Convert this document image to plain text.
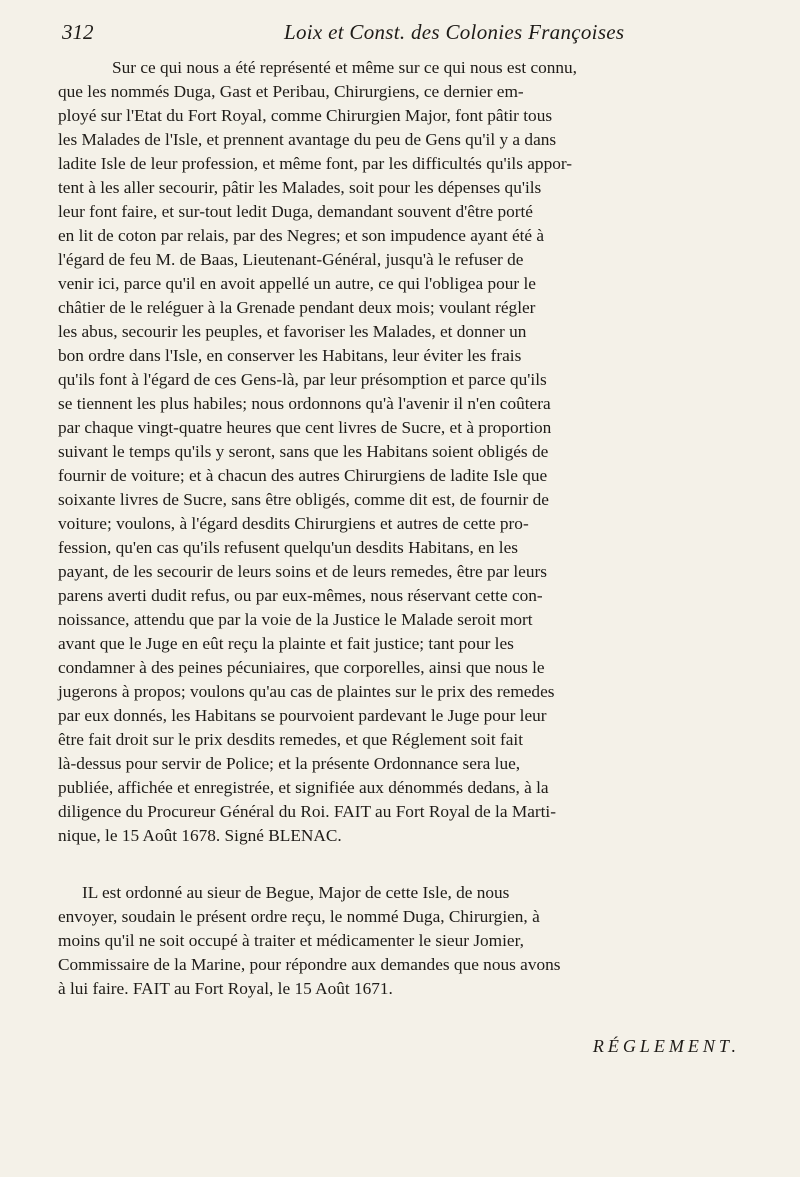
312	Loix et Const. des Colonies Françoises
Sur ce qui nous a été représenté et même sur ce qui nous est connu,
que les nommés Duga, Gast et Peribau, Chirurgiens, ce dernier em-
ployé sur l'Etat du Fort Royal, comme Chirurgien Major, font pâtir tous
les Malades de l'Isle, et prennent avantage du peu de Gens qu'il y a dans
ladite Isle de leur profession, et même font, par les difficultés qu'ils appor-
tent à les aller secourir, pâtir les Malades, soit pour les dépenses qu'ils
leur font faire, et sur-tout ledit Duga, demandant souvent d'être porté
en lit de coton par relais, par des Negres; et son impudence ayant été à
l'égard de feu M. de Baas, Lieutenant-Général, jusqu'à le refuser de
venir ici, parce qu'il en avoit appellé un autre, ce qui l'obligea pour le
châtier de le reléguer à la Grenade pendant deux mois; voulant régler
les abus, secourir les peuples, et favoriser les Malades, et donner un
bon ordre dans l'Isle, en conserver les Habitans, leur éviter les frais
qu'ils font à l'égard de ces Gens-là, par leur présomption et parce qu'ils
se tiennent les plus habiles; nous ordonnons qu'à l'avenir il n'en coûtera
par chaque vingt-quatre heures que cent livres de Sucre, et à proportion
suivant le temps qu'ils y seront, sans que les Habitans soient obligés de
fournir de voiture; et à chacun des autres Chirurgiens de ladite Isle que
soixante livres de Sucre, sans être obligés, comme dit est, de fournir de
voiture; voulons, à l'égard desdits Chirurgiens et autres de cette pro-
fession, qu'en cas qu'ils refusent quelqu'un desdits Habitans, en les
payant, de les secourir de leurs soins et de leurs remedes, être par leurs
parens averti dudit refus, ou par eux-mêmes, nous réservant cette con-
noissance, attendu que par la voie de la Justice le Malade seroit mort
avant que le Juge en eût reçu la plainte et fait justice; tant pour les
condamner à des peines pécuniaires, que corporelles, ainsi que nous le
jugerons à propos; voulons qu'au cas de plaintes sur le prix des remedes
par eux donnés, les Habitans se pourvoient pardevant le Juge pour leur
être fait droit sur le prix desdits remedes, et que Réglement soit fait
là-dessus pour servir de Police; et la présente Ordonnance sera lue,
publiée, affichée et enregistrée, et signifiée aux dénommés dedans, à la
diligence du Procureur Général du Roi. FAIT au Fort Royal de la Marti-
nique, le 15 Août 1678. Signé BLENAC.
IL est ordonné au sieur de Begue, Major de cette Isle, de nous
envoyer, soudain le présent ordre reçu, le nommé Duga, Chirurgien, à
moins qu'il ne soit occupé à traiter et médicamenter le sieur Jomier,
Commissaire de la Marine, pour répondre aux demandes que nous avons
à lui faire. FAIT au Fort Royal, le 15 Août 1671.
RÉGLEMENT.
